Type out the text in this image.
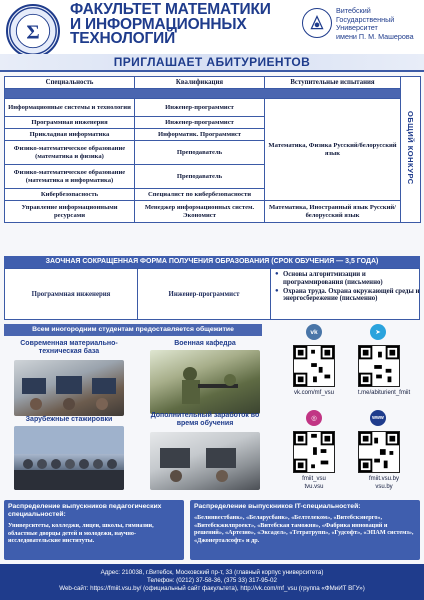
Σ
ФАКУЛЬТЕТ МАТЕМАТИКИ
И ИНФОРМАЦИОННЫХ
ТЕХНОЛОГИЙ
Витебский
Государственный
Университет
имени П. М. Машерова
ПРИГЛАШАЕТ АБИТУРИЕНТОВ
Специальность	Квалификация	Вступительные испытания	ОБЩИЙ КОНКУРС

Информационные системы и технологии	Инженер-программист	Математика, Физика Русский/белорусский язык	
Программная инженерия	Инженер-программист		
Прикладная информатика	Информатик. Программист		
Физико-математическое образование (математика и физика)	Преподаватель		
Физико-математическое образование (математика и информатика)	Преподаватель		
Кибербезопасность	Специалист по кибербезопасности		
Управление информационными ресурсами	Менеджер информационных систем. Экономист	Математика, Иностранный язык Русский/белорусский язык	
ЗАОЧНАЯ СОКРАЩЕННАЯ ФОРМА ПОЛУЧЕНИЯ ОБРАЗОВАНИЯ (СРОК ОБУЧЕНИЯ — 3,5 ГОДА)
Программная инженерия	Инженер-программист
● Основы алгоритмизации и программирования (письменно)
● Охрана труда. Охрана окружающей среды и энергосбережение (письменно)
Всем иногородним студентам предоставляется общежитие
Современная материально-техническая база
Военная кафедра
Зарубежные стажировки
Дополнительный заработок во время обучения
vk	➤
vk.com/mf_vsu	t.me/abiturient_fmiit
◎	www
fmiit_vsu
tvu.vsu
fmiit.vsu.by
vsu.by
Распределение выпускников педагогических специальностей:
Университеты, колледжи, лицеи, школы, гимназии, областные дворцы детей и молодежи, научно-исследовательские институты.
Распределение выпускников IT-специальностей:
«Белинвестбанк», «Беларусбанк», «Белтелеком», «Витебскэнерго», «Витебскжилпроект», «Витебская таможня», «Фабрика инноваций и решений», «Артезио», «Эксадел», «Тетратрупп», «Гудсофт», «ЭПАМ системз», «Джонерталсофт» и др.
Адрес: 210038, г.Витебск, Московский пр-т, 33 (главный корпус университета)
Телефон: (0212) 37-58-36, (375 33) 317-95-02
Web-сайт: https://fmiit.vsu.by/ (официальный сайт факультета), http://vk.com/mf_vsu (группа «ФМиИТ ВГУ»)
